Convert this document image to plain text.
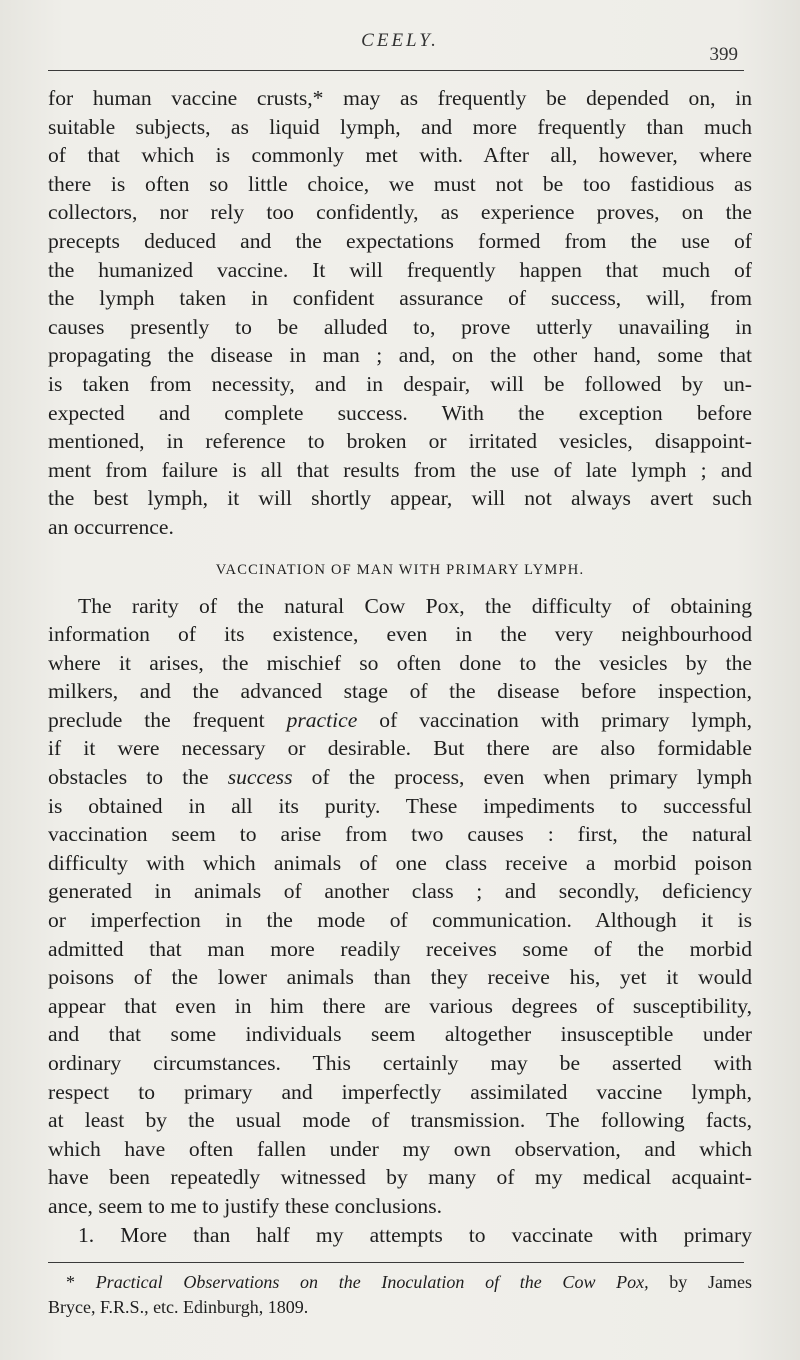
CEELY.
399
for human vaccine crusts,* may as frequently be depended on, in
suitable subjects, as liquid lymph, and more frequently than much
of that which is commonly met with. After all, however, where
there is often so little choice, we must not be too fastidious as
collectors, nor rely too confidently, as experience proves, on the
precepts deduced and the expectations formed from the use of
the humanized vaccine. It will frequently happen that much of
the lymph taken in confident assurance of success, will, from
causes presently to be alluded to, prove utterly unavailing in
propagating the disease in man ; and, on the other hand, some that
is taken from necessity, and in despair, will be followed by un-
expected and complete success. With the exception before
mentioned, in reference to broken or irritated vesicles, disappoint-
ment from failure is all that results from the use of late lymph ; and
the best lymph, it will shortly appear, will not always avert such
an occurrence.
VACCINATION OF MAN WITH PRIMARY LYMPH.
The rarity of the natural Cow Pox, the difficulty of obtaining
information of its existence, even in the very neighbourhood
where it arises, the mischief so often done to the vesicles by the
milkers, and the advanced stage of the disease before inspection,
preclude the frequent practice of vaccination with primary lymph,
if it were necessary or desirable. But there are also formidable
obstacles to the success of the process, even when primary lymph
is obtained in all its purity. These impediments to successful
vaccination seem to arise from two causes : first, the natural
difficulty with which animals of one class receive a morbid poison
generated in animals of another class ; and secondly, deficiency
or imperfection in the mode of communication. Although it is
admitted that man more readily receives some of the morbid
poisons of the lower animals than they receive his, yet it would
appear that even in him there are various degrees of susceptibility,
and that some individuals seem altogether insusceptible under
ordinary circumstances. This certainly may be asserted with
respect to primary and imperfectly assimilated vaccine lymph,
at least by the usual mode of transmission. The following facts,
which have often fallen under my own observation, and which
have been repeatedly witnessed by many of my medical acquaint-
ance, seem to me to justify these conclusions.
1. More than half my attempts to vaccinate with primary
* Practical Observations on the Inoculation of the Cow Pox, by James
Bryce, F.R.S., etc. Edinburgh, 1809.
